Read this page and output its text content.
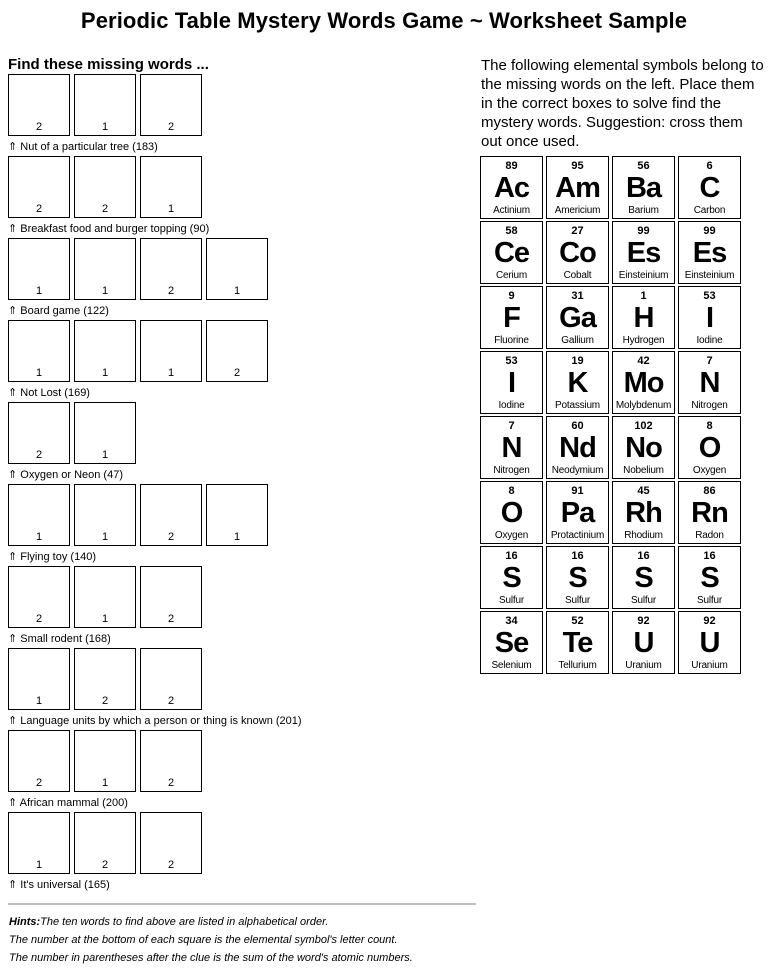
Periodic Table Mystery Words Game ~ Worksheet Sample
Find these missing words ...
2	1	2
⇑ Nut of a particular tree (183)
2	2	1
⇑ Breakfast food and burger topping (90)
1	1	2	1
⇑ Board game (122)
1	1	1	2
⇑ Not Lost (169)
2	1
⇑ Oxygen or Neon (47)
1	1	2	1
⇑ Flying toy (140)
2	1	2
⇑ Small rodent (168)
1	2	2
⇑ Language units by which a person or thing is known (201)
2	1	2
⇑ African mammal (200)
1	2	2
⇑ It's universal (165)
The following elemental symbols belong to the missing words on the left. Place them in the correct boxes to solve find the mystery words. Suggestion: cross them out once used.
89
Ac
Actinium
95
Am
Americium
56
Ba
Barium
6
C
Carbon
58
Ce
Cerium
27
Co
Cobalt
99
Es
Einsteinium
99
Es
Einsteinium
9
F
Fluorine
31
Ga
Gallium
1
H
Hydrogen
53
I
Iodine
53
I
Iodine
19
K
Potassium
42
Mo
Molybdenum
7
N
Nitrogen
7
N
Nitrogen
60
Nd
Neodymium
102
No
Nobelium
8
O
Oxygen
8
O
Oxygen
91
Pa
Protactinium
45
Rh
Rhodium
86
Rn
Radon
16
S
Sulfur
16
S
Sulfur
16
S
Sulfur
16
S
Sulfur
34
Se
Selenium
52
Te
Tellurium
92
U
Uranium
92
U
Uranium
Hints:The ten words to find above are listed in alphabetical order.
The number at the bottom of each square is the elemental symbol's letter count.
The number in parentheses after the clue is the sum of the word's atomic numbers.
